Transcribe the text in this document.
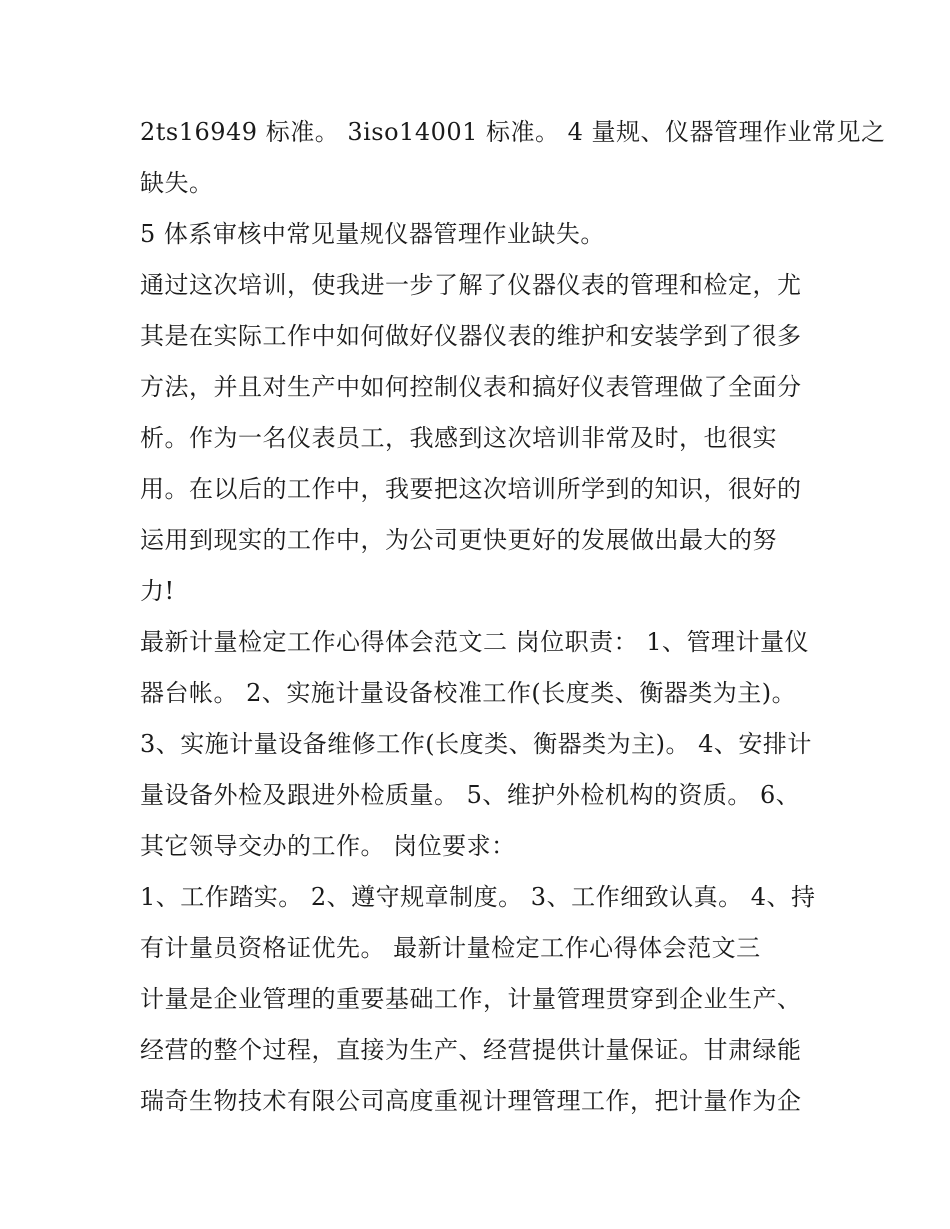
2ts16949 标准。 3iso14001 标准。 4 量规、仪器管理作业常见之
缺失。
5 体系审核中常见量规仪器管理作业缺失。
通过这次培训，使我进一步了解了仪器仪表的管理和检定，尤
其是在实际工作中如何做好仪器仪表的维护和安装学到了很多
方法，并且对生产中如何控制仪表和搞好仪表管理做了全面分
析。作为一名仪表员工，我感到这次培训非常及时，也很实
用。在以后的工作中，我要把这次培训所学到的知识，很好的
运用到现实的工作中，为公司更快更好的发展做出最大的努
力!
最新计量检定工作心得体会范文二 岗位职责： 1、管理计量仪
器台帐。 2、实施计量设备校准工作(长度类、衡器类为主)。
3、实施计量设备维修工作(长度类、衡器类为主)。 4、安排计
量设备外检及跟进外检质量。 5、维护外检机构的资质。 6、
其它领导交办的工作。 岗位要求：
1、工作踏实。 2、遵守规章制度。 3、工作细致认真。 4、持
有计量员资格证优先。 最新计量检定工作心得体会范文三
计量是企业管理的重要基础工作，计量管理贯穿到企业生产、
经营的整个过程，直接为生产、经营提供计量保证。甘肃绿能
瑞奇生物技术有限公司高度重视计理管理工作，把计量作为企
